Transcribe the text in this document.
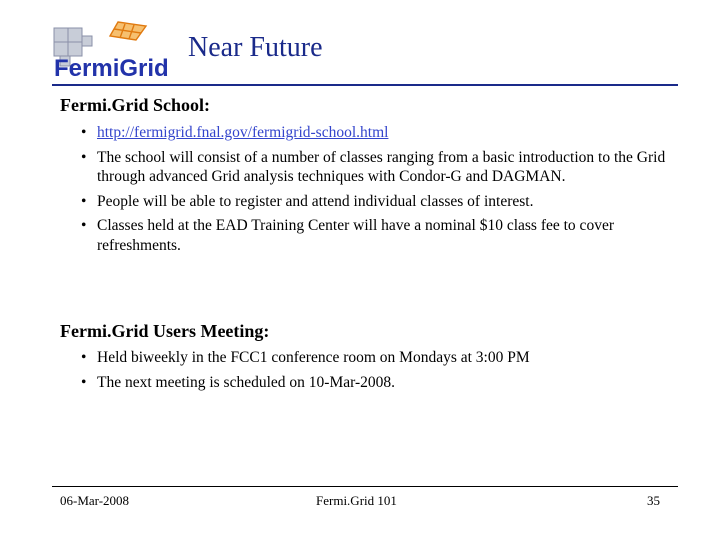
FermiGrid
Near Future
Fermi.Grid School:
• http://fermigrid.fnal.gov/fermigrid-school.html
• The school will consist of a number of classes ranging from a basic introduction to the Grid through advanced Grid analysis techniques with Condor-G and DAGMAN.
• People will be able to register and attend individual classes of interest.
• Classes held at the EAD Training Center will have a nominal $10 class fee to cover refreshments.
Fermi.Grid Users Meeting:
• Held biweekly in the FCC1 conference room on Mondays at 3:00 PM
• The next meeting is scheduled on 10-Mar-2008.

06-Mar-2008	Fermi.Grid 101	35
